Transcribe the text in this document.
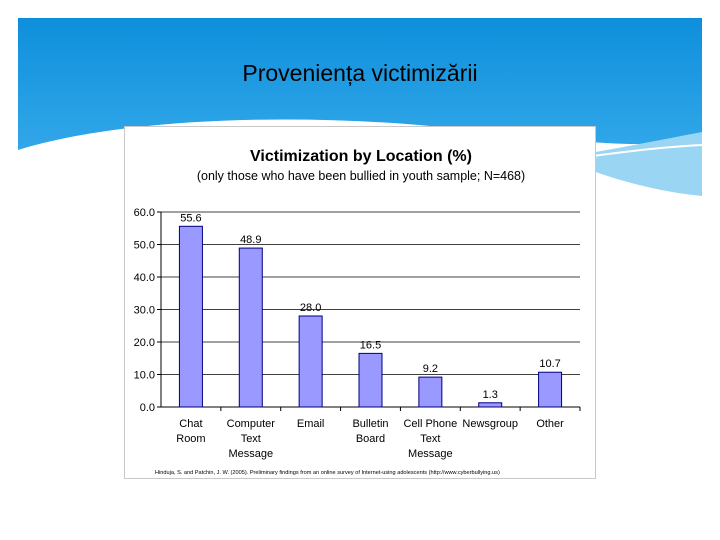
Proveniența victimizării
Victimization by Location (%)
(only those who have been bullied in youth sample; N=468)
0.0
10.0
20.0
30.0
40.0
50.0
60.0 55.6
Chat
Room
48.9
Computer
Text
Message
28.0
Email
16.5
Bulletin
Board
9.2
Cell Phone
Text
Message
1.3
Newsgroup
10.7
Other
Hinduja, S. and Patchin, J. W. (2005). Preliminary findings from an online survey of Internet-using adolescents (http://www.cyberbullying.us)
